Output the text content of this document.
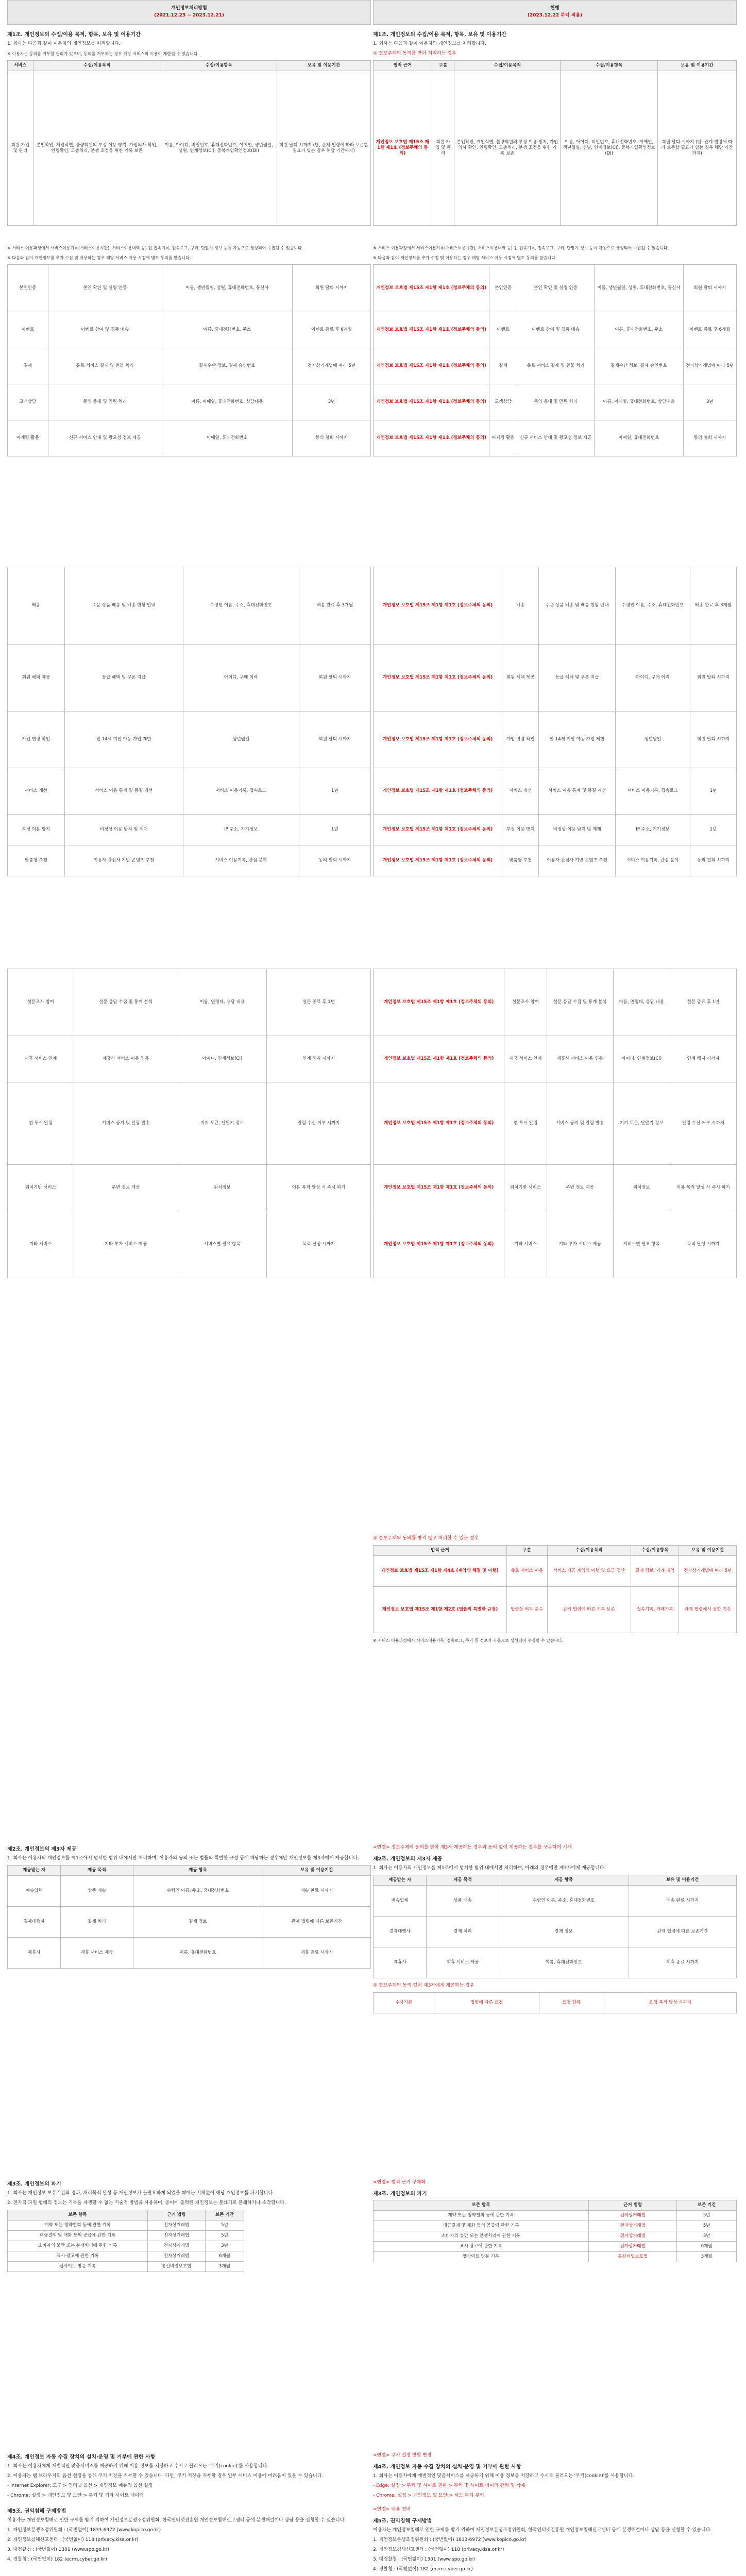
개인정보처리방침
(2021.12.23 ~ 2023.12.21)
제1조. 개인정보의 수집/이용 목적, 항목, 보유 및 이용기간

1. 회사는 다음과 같이 이용자의 개인정보를 처리합니다.

※ 이용자는 동의를 거부할 권리가 있으며, 동의를 거부하는 경우 해당 서비스의 이용이 제한될 수 있습니다.

서비스	수집/이용목적	수집/이용항목	보유 및 이용기간
회원 가입 및 관리	본인확인, 개인식별, 불량회원의 부정 이용 방지, 가입의사 확인, 연령확인, 고충처리, 분쟁 조정을 위한 기록 보존	이름, 아이디, 비밀번호, 휴대전화번호, 이메일, 생년월일, 성별, 연계정보(CI), 중복가입확인정보(DI)	회원 탈퇴 시까지 (단, 관계 법령에 따라 보존할 필요가 있는 경우 해당 기간까지)

※ 서비스 이용과정에서 서비스이용기록(서비스이용시간), 서비스이용내역 등) 접 접속기록, 접속로그, 쿠키, 단말기 정보 등이 자동으로 생성되어 수집될 수 있습니다.

※ 다음과 같이 개인정보를 추가 수집 및 이용하는 경우 해당 서비스 이용 시점에 별도 동의를 받습니다.

본인인증	본인 확인 및 실명 인증	이름, 생년월일, 성별, 휴대전화번호, 통신사	회원 탈퇴 시까지
이벤트	이벤트 참여 및 경품 배송	이름, 휴대전화번호, 주소	이벤트 종료 후 6개월
결제	유료 서비스 결제 및 환불 처리	결제수단 정보, 결제 승인번호	전자상거래법에 따라 5년
고객상담	문의 응대 및 민원 처리	이름, 이메일, 휴대전화번호, 상담내용	3년
마케팅 활용	신규 서비스 안내 및 광고성 정보 제공	이메일, 휴대전화번호	동의 철회 시까지
배송	주문 상품 배송 및 배송 현황 안내	수령인 이름, 주소, 휴대전화번호	배송 완료 후 3개월
회원 혜택 제공	등급 혜택 및 쿠폰 지급	아이디, 구매 이력	회원 탈퇴 시까지
가입 연령 확인	만 14세 미만 아동 가입 제한	생년월일	회원 탈퇴 시까지
서비스 개선	서비스 이용 통계 및 품질 개선	서비스 이용기록, 접속로그	1년
부정 이용 방지	비정상 이용 탐지 및 제재	IP 주소, 기기정보	1년
맞춤형 추천	이용자 관심사 기반 콘텐츠 추천	서비스 이용기록, 관심 분야	동의 철회 시까지
설문조사 참여	설문 응답 수집 및 통계 분석	이름, 연령대, 응답 내용	설문 종료 후 1년
제휴 서비스 연계	제휴사 서비스 이용 연동	아이디, 연계정보(CI)	연계 해지 시까지
앱 푸시 알림	서비스 공지 및 알림 발송	기기 토큰, 단말기 정보	알림 수신 거부 시까지
위치기반 서비스	주변 정보 제공	위치정보	이용 목적 달성 시 즉시 파기
기타 서비스	기타 부가 서비스 제공	서비스별 필요 항목	목적 달성 시까지
제2조. 개인정보의 제3자 제공

1. 회사는 이용자의 개인정보를 제1조에서 명시한 범위 내에서만 처리하며, 이용자의 동의 또는 법률의 특별한 규정 등에 해당하는 경우에만 개인정보를 제3자에게 제공합니다.

제공받는 자	제공 목적	제공 항목	보유 및 이용기간
배송업체	상품 배송	수령인 이름, 주소, 휴대전화번호	배송 완료 시까지
결제대행사	결제 처리	결제 정보	관계 법령에 따른 보존기간
제휴사	제휴 서비스 제공	이름, 휴대전화번호	제휴 종료 시까지
제3조. 개인정보의 파기

1. 회사는 개인정보 보유기간의 경과, 처리목적 달성 등 개인정보가 불필요하게 되었을 때에는 지체없이 해당 개인정보를 파기합니다.

2. 전자적 파일 형태의 정보는 기록을 재생할 수 없는 기술적 방법을 사용하며, 종이에 출력된 개인정보는 분쇄기로 분쇄하거나 소각합니다.

보존 항목	근거 법령	보존 기간
계약 또는 청약철회 등에 관한 기록	전자상거래법	5년
대금결제 및 재화 등의 공급에 관한 기록	전자상거래법	5년
소비자의 불만 또는 분쟁처리에 관한 기록	전자상거래법	3년
표시·광고에 관한 기록	전자상거래법	6개월
웹사이트 방문 기록	통신비밀보호법	3개월
제4조. 개인정보 자동 수집 장치의 설치·운영 및 거부에 관한 사항

1. 회사는 이용자에게 개별적인 맞춤서비스를 제공하기 위해 이용 정보를 저장하고 수시로 불러오는 '쿠키(cookie)'를 사용합니다.

2. 이용자는 웹 브라우저의 옵션 설정을 통해 쿠키 저장을 거부할 수 있습니다. 다만, 쿠키 저장을 거부할 경우 일부 서비스 이용에 어려움이 있을 수 있습니다.

- Internet Explorer: 도구 > 인터넷 옵션 > 개인정보 메뉴의 옵션 설정

- Chrome: 설정 > 개인정보 및 보안 > 쿠키 및 기타 사이트 데이터

제5조. 권익침해 구제방법

이용자는 개인정보침해로 인한 구제를 받기 위하여 개인정보분쟁조정위원회, 한국인터넷진흥원 개인정보침해신고센터 등에 분쟁해결이나 상담 등을 신청할 수 있습니다.

1. 개인정보분쟁조정위원회 : (국번없이) 1833-6972 (www.kopico.go.kr)

2. 개인정보침해신고센터 : (국번없이) 118 (privacy.kisa.or.kr)

3. 대검찰청 : (국번없이) 1301 (www.spo.go.kr)

4. 경찰청 : (국번없이) 182 (ecrm.cyber.go.kr)

현행
(2023.12.22 부터 적용)
제1조. 개인정보의 수집/이용 목적, 항목, 보유 및 이용기간

1. 회사는 다음과 같이 이용자의 개인정보를 처리합니다.

① 정보주체의 동의를 받아 처리하는 경우

법적 근거	구분	수집/이용목적	수집/이용항목	보유 및 이용기간
개인정보 보호법 제15조 제1항 제1호 (정보주체의 동의)	회원 가입 및 관리	본인확인, 개인식별, 불량회원의 부정 이용 방지, 가입의사 확인, 연령확인, 고충처리, 분쟁 조정을 위한 기록 보존	이름, 아이디, 비밀번호, 휴대전화번호, 이메일, 생년월일, 성별, 연계정보(CI), 중복가입확인정보(DI)	회원 탈퇴 시까지 (단, 관계 법령에 따라 보존할 필요가 있는 경우 해당 기간까지)

※ 서비스 이용과정에서 서비스이용기록(서비스이용시간), 서비스이용내역 등) 접 접속기록, 접속로그, 쿠키, 단말기 정보 등이 자동으로 생성되어 수집될 수 있습니다.

※ 다음과 같이 개인정보를 추가 수집 및 이용하는 경우 해당 서비스 이용 시점에 별도 동의를 받습니다.

개인정보 보호법 제15조 제1항 제1호 (정보주체의 동의)	본인인증	본인 확인 및 실명 인증	이름, 생년월일, 성별, 휴대전화번호, 통신사	회원 탈퇴 시까지
개인정보 보호법 제15조 제1항 제1호 (정보주체의 동의)	이벤트	이벤트 참여 및 경품 배송	이름, 휴대전화번호, 주소	이벤트 종료 후 6개월
개인정보 보호법 제15조 제1항 제1호 (정보주체의 동의)	결제	유료 서비스 결제 및 환불 처리	결제수단 정보, 결제 승인번호	전자상거래법에 따라 5년
개인정보 보호법 제15조 제1항 제1호 (정보주체의 동의)	고객상담	문의 응대 및 민원 처리	이름, 이메일, 휴대전화번호, 상담내용	3년
개인정보 보호법 제15조 제1항 제1호 (정보주체의 동의)	마케팅 활용	신규 서비스 안내 및 광고성 정보 제공	이메일, 휴대전화번호	동의 철회 시까지
개인정보 보호법 제15조 제1항 제1호 (정보주체의 동의)	배송	주문 상품 배송 및 배송 현황 안내	수령인 이름, 주소, 휴대전화번호	배송 완료 후 3개월
개인정보 보호법 제15조 제1항 제1호 (정보주체의 동의)	회원 혜택 제공	등급 혜택 및 쿠폰 지급	아이디, 구매 이력	회원 탈퇴 시까지
개인정보 보호법 제15조 제1항 제1호 (정보주체의 동의)	가입 연령 확인	만 14세 미만 아동 가입 제한	생년월일	회원 탈퇴 시까지
개인정보 보호법 제15조 제1항 제1호 (정보주체의 동의)	서비스 개선	서비스 이용 통계 및 품질 개선	서비스 이용기록, 접속로그	1년
개인정보 보호법 제15조 제1항 제1호 (정보주체의 동의)	부정 이용 방지	비정상 이용 탐지 및 제재	IP 주소, 기기정보	1년
개인정보 보호법 제15조 제1항 제1호 (정보주체의 동의)	맞춤형 추천	이용자 관심사 기반 콘텐츠 추천	서비스 이용기록, 관심 분야	동의 철회 시까지
개인정보 보호법 제15조 제1항 제1호 (정보주체의 동의)	설문조사 참여	설문 응답 수집 및 통계 분석	이름, 연령대, 응답 내용	설문 종료 후 1년
개인정보 보호법 제15조 제1항 제1호 (정보주체의 동의)	제휴 서비스 연계	제휴사 서비스 이용 연동	아이디, 연계정보(CI)	연계 해지 시까지
개인정보 보호법 제15조 제1항 제1호 (정보주체의 동의)	앱 푸시 알림	서비스 공지 및 알림 발송	기기 토큰, 단말기 정보	알림 수신 거부 시까지
개인정보 보호법 제15조 제1항 제1호 (정보주체의 동의)	위치기반 서비스	주변 정보 제공	위치정보	이용 목적 달성 시 즉시 파기
개인정보 보호법 제15조 제1항 제1호 (정보주체의 동의)	기타 서비스	기타 부가 서비스 제공	서비스별 필요 항목	목적 달성 시까지

② 정보주체의 동의를 받지 않고 처리할 수 있는 경우

법적 근거	구분	수집/이용목적	수집/이용항목	보유 및 이용기간
개인정보 보호법 제15조 제1항 제4호 (계약의 체결 및 이행)	유료 서비스 이용	서비스 제공 계약의 이행 및 요금 정산	결제 정보, 거래 내역	전자상거래법에 따라 5년
개인정보 보호법 제15조 제1항 제2호 (법률의 특별한 규정)	법령상 의무 준수	관계 법령에 따른 기록 보존	접속기록, 거래기록	관계 법령에서 정한 기간

※ 서비스 이용과정에서 서비스이용기록, 접속로그, 쿠키 등 정보가 자동으로 생성되어 수집될 수 있습니다.

<변경> 정보주체의 동의를 받아 제3자 제공하는 경우와 동의 없이 제공하는 경우를 구분하여 기재

제2조. 개인정보의 제3자 제공

1. 회사는 이용자의 개인정보를 제1조에서 명시한 범위 내에서만 처리하며, 아래의 경우에만 제3자에게 제공합니다.

제공받는 자	제공 목적	제공 항목	보유 및 이용기간
배송업체	상품 배송	수령인 이름, 주소, 휴대전화번호	배송 완료 시까지
결제대행사	결제 처리	결제 정보	관계 법령에 따른 보존기간
제휴사	제휴 서비스 제공	이름, 휴대전화번호	제휴 종료 시까지

② 정보주체의 동의 없이 제3자에게 제공하는 경우

수사기관	법령에 따른 요청	요청 항목	요청 목적 달성 시까지

<변경> 법적 근거 구체화

제3조. 개인정보의 파기
보존 항목	근거 법령	보존 기간
계약 또는 청약철회 등에 관한 기록	전자상거래법	5년
대금결제 및 재화 등의 공급에 관한 기록	전자상거래법	5년
소비자의 불만 또는 분쟁처리에 관한 기록	전자상거래법	3년
표시·광고에 관한 기록	전자상거래법	6개월
웹사이트 방문 기록	통신비밀보호법	3개월

<변경> 쿠키 설정 방법 변경

제4조. 개인정보 자동 수집 장치의 설치·운영 및 거부에 관한 사항

1. 회사는 이용자에게 개별적인 맞춤서비스를 제공하기 위해 이용 정보를 저장하고 수시로 불러오는 '쿠키(cookie)'를 사용합니다.

- Edge: 설정 > 쿠키 및 사이트 권한 > 쿠키 및 사이트 데이터 관리 및 삭제

- Chrome: 설정 > 개인정보 및 보안 > 서드 파티 쿠키

<변경> 내용 정비

제5조. 권익침해 구제방법

이용자는 개인정보침해로 인한 구제를 받기 위하여 개인정보분쟁조정위원회, 한국인터넷진흥원 개인정보침해신고센터 등에 분쟁해결이나 상담 등을 신청할 수 있습니다.

1. 개인정보분쟁조정위원회 : (국번없이) 1833-6972 (www.kopico.go.kr)

2. 개인정보침해신고센터 : (국번없이) 118 (privacy.kisa.or.kr)

3. 대검찰청 : (국번없이) 1301 (www.spo.go.kr)

4. 경찰청 : (국번없이) 182 (ecrm.cyber.go.kr)
